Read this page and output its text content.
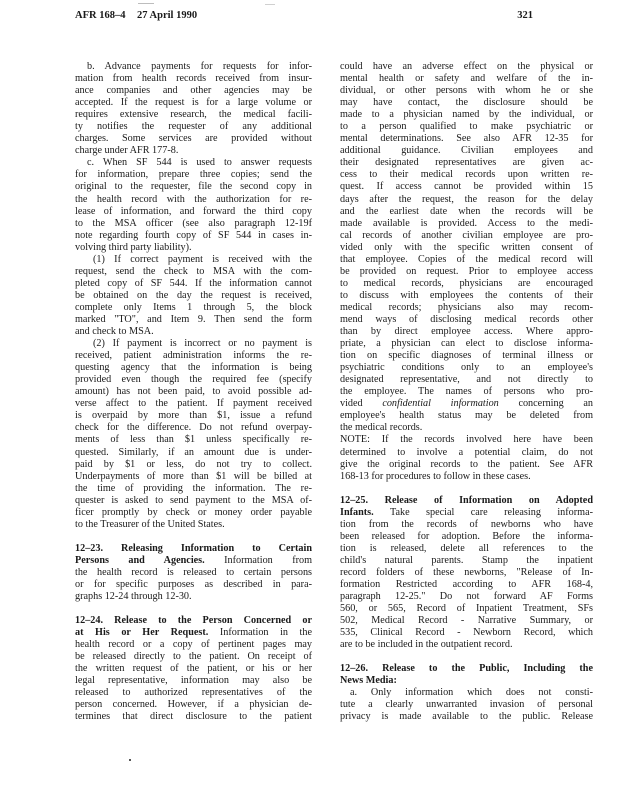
AFR 168–4 27 April 1990	321
b. Advance payments for requests for infor-
mation from health records received from insur-
ance companies and other agencies may be
accepted. If the request is for a large volume or
requires extensive research, the medical facili-
ty notifies the requester of any additional
charges. Some services are provided without
charge under AFR 177-8.
c. When SF 544 is used to answer requests
for information, prepare three copies; send the
original to the requester, file the second copy in
the health record with the authorization for re-
lease of information, and forward the third copy
to the MSA officer (see also paragraph 12-19f
note regarding fourth copy of SF 544 in cases in-
volving third party liability).
(1) If correct payment is received with the
request, send the check to MSA with the com-
pleted copy of SF 544. If the information cannot
be obtained on the day the request is received,
complete only Items 1 through 5, the block
marked "TO", and Item 9. Then send the form
and check to MSA.
(2) If payment is incorrect or no payment is
received, patient administration informs the re-
questing agency that the information is being
provided even though the required fee (specify
amount) has not been paid, to avoid possible ad-
verse affect to the patient. If payment received
is overpaid by more than $1, issue a refund
check for the difference. Do not refund overpay-
ments of less than $1 unless specifically re-
quested. Similarly, if an amount due is under-
paid by $1 or less, do not try to collect.
Underpayments of more than $1 will be billed at
the time of providing the information. The re-
quester is asked to send payment to the MSA of-
ficer promptly by check or money order payable
to the Treasurer of the United States.
12–23. Releasing Information to Certain
Persons and Agencies. Information from
the health record is released to certain persons
or for specific purposes as described in para-
graphs 12-24 through 12-30.
12–24. Release to the Person Concerned or
at His or Her Request. Information in the
health record or a copy of pertinent pages may
be released directly to the patient. On receipt of
the written request of the patient, or his or her
legal representative, information may also be
released to authorized representatives of the
person concerned. However, if a physician de-
termines that direct disclosure to the patient
could have an adverse effect on the physical or
mental health or safety and welfare of the in-
dividual, or other persons with whom he or she
may have contact, the disclosure should be
made to a physician named by the individual, or
to a person qualified to make psychiatric or
mental determinations. See also AFR 12-35 for
additional guidance. Civilian employees and
their designated representatives are given ac-
cess to their medical records upon written re-
quest. If access cannot be provided within 15
days after the request, the reason for the delay
and the earliest date when the records will be
made available is provided. Access to the medi-
cal records of another civilian employee are pro-
vided only with the specific written consent of
that employee. Copies of the medical record will
be provided on request. Prior to employee access
to medical records, physicians are encouraged
to discuss with employees the contents of their
medical records; physicians also may recom-
mend ways of disclosing medical records other
than by direct employee access. Where appro-
priate, a physician can elect to disclose informa-
tion on specific diagnoses of terminal illness or
psychiatric conditions only to an employee's
designated representative, and not directly to
the employee. The names of persons who pro-
vided confidential information concerning an
employee's health status may be deleted from
the medical records.
NOTE: If the records involved here have been
determined to involve a potential claim, do not
give the original records to the patient. See AFR
168-13 for procedures to follow in these cases.
12–25. Release of Information on Adopted
Infants. Take special care releasing informa-
tion from the records of newborns who have
been released for adoption. Before the informa-
tion is released, delete all references to the
child's natural parents. Stamp the inpatient
record folders of these newborns, "Release of In-
formation Restricted according to AFR 168-4,
paragraph 12-25." Do not forward AF Forms
560, or 565, Record of Inpatient Treatment, SFs
502, Medical Record - Narrative Summary, or
535, Clinical Record - Newborn Record, which
are to be included in the outpatient record.
12–26. Release to the Public, Including the
News Media:
a. Only information which does not consti-
tute a clearly unwarranted invasion of personal
privacy is made available to the public. Release
